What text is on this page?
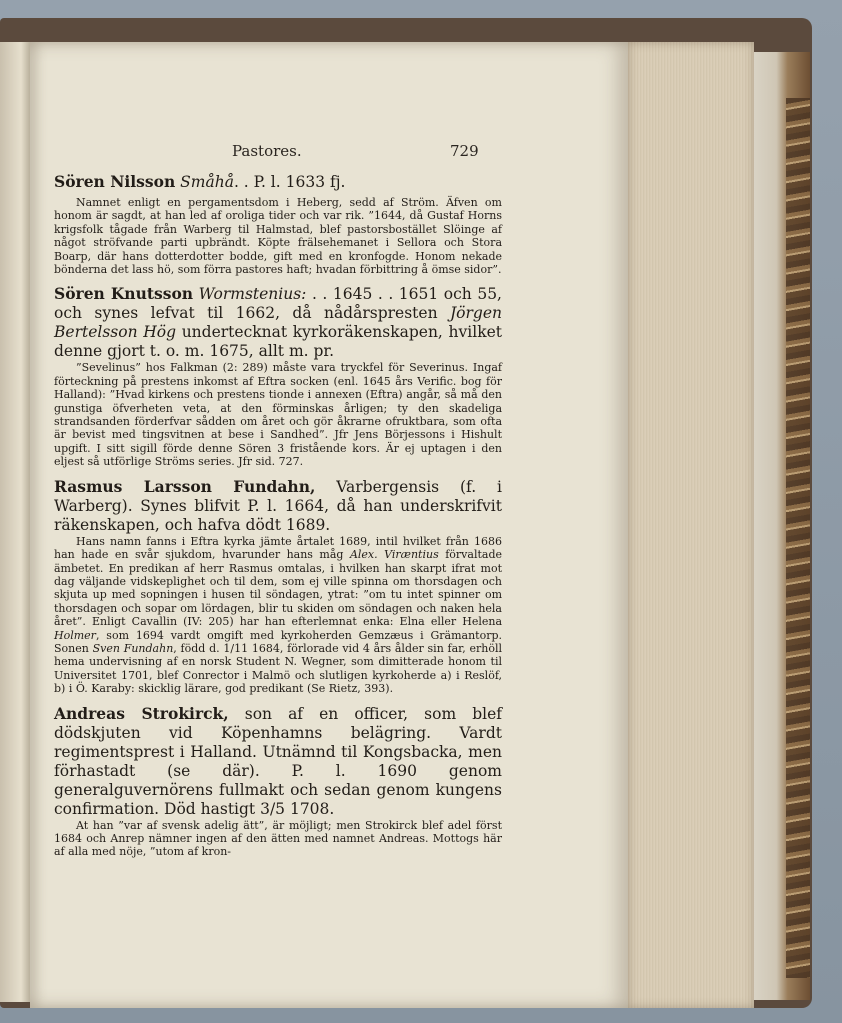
Pastores.	729

Sören Nilsson Småhå. . P. l. 1633 fj.

Namnet enligt en pergamentsdom i Heberg, sedd af Ström. Äfven om honom är sagdt, at han led af oroliga tider och var rik. ”1644, då Gustaf Horns krigsfolk tågade från Warberg til Halmstad, blef pastorsbostället Slöinge af något ströfvande parti upbrändt. Köpte frälsehemanet i Sellora och Stora Boarp, där hans dotterdotter bodde, gift med en kronfogde. Honom nekade bönderna det lass hö, som förra pastores haft; hvadan förbittring å ömse sidor”.

Sören Knutsson Wormstenius: . . 1645 . . 1651 och 55, och synes lefvat til 1662, då nådårspresten Jörgen Bertelsson Hög undertecknat kyrkoräkenskapen, hvilket denne gjort t. o. m. 1675, allt m. pr.

”Sevelinus” hos Falkman (2: 289) måste vara tryckfel för Severinus. Ingaf förteckning på prestens inkomst af Eftra socken (enl. 1645 års Verific. bog för Halland): ”Hvad kirkens och prestens tionde i annexen (Eftra) angår, så må den gunstiga öfverheten veta, at den förminskas årligen; ty den skadeliga strandsanden förderfvar sådden om året och gör åkrarne ofruktbara, som ofta är bevist med tingsvitnen at bese i Sandhed”. Jfr Jens Börjessons i Hishult upgift. I sitt sigill förde denne Sören 3 fristående kors. Är ej uptagen i den eljest så utförlige Ströms series. Jfr sid. 727.

Rasmus Larsson Fundahn, Varbergensis (f. i Warberg). Synes blifvit P. l. 1664, då han underskrifvit räkenskapen, och hafva dödt 1689.

Hans namn fanns i Eftra kyrka jämte årtalet 1689, intil hvilket från 1686 han hade en svår sjukdom, hvarunder hans måg Alex. Viræntius förvaltade ämbetet. En predikan af herr Rasmus omtalas, i hvilken han skarpt ifrat mot dag väljande vidskeplighet och til dem, som ej ville spinna om thorsdagen och skjuta up med sopningen i husen til söndagen, ytrat: ”om tu intet spinner om thorsdagen och sopar om lördagen, blir tu skiden om söndagen och naken hela året”. Enligt Cavallin (IV: 205) har han efterlemnat enka: Elna eller Helena Holmer, som 1694 vardt omgift med kyrkoherden Gemzæus i Grämantorp. Sonen Sven Fundahn, född d. 1/11 1684, förlorade vid 4 års ålder sin far, erhöll hema undervisning af en norsk Student N. Wegner, som dimitterade honom til Universitet 1701, blef Conrector i Malmö och slutligen kyrkoherde a) i Reslöf, b) i Ö. Karaby: skicklig lärare, god predikant (Se Rietz, 393).

Andreas Strokirck, son af en officer, som blef dödskjuten vid Köpenhamns belägring. Vardt regimentsprest i Halland. Utnämnd til Kongsbacka, men förhastadt (se där). P. l. 1690 genom generalguvernörens fullmakt och sedan genom kungens confirmation. Död hastigt 3/5 1708.

At han ”var af svensk adelig ätt”, är möjligt; men Strokirck blef adel först 1684 och Anrep nämner ingen af den ätten med namnet Andreas. Mottogs här af alla med nöje, ”utom af kron-
